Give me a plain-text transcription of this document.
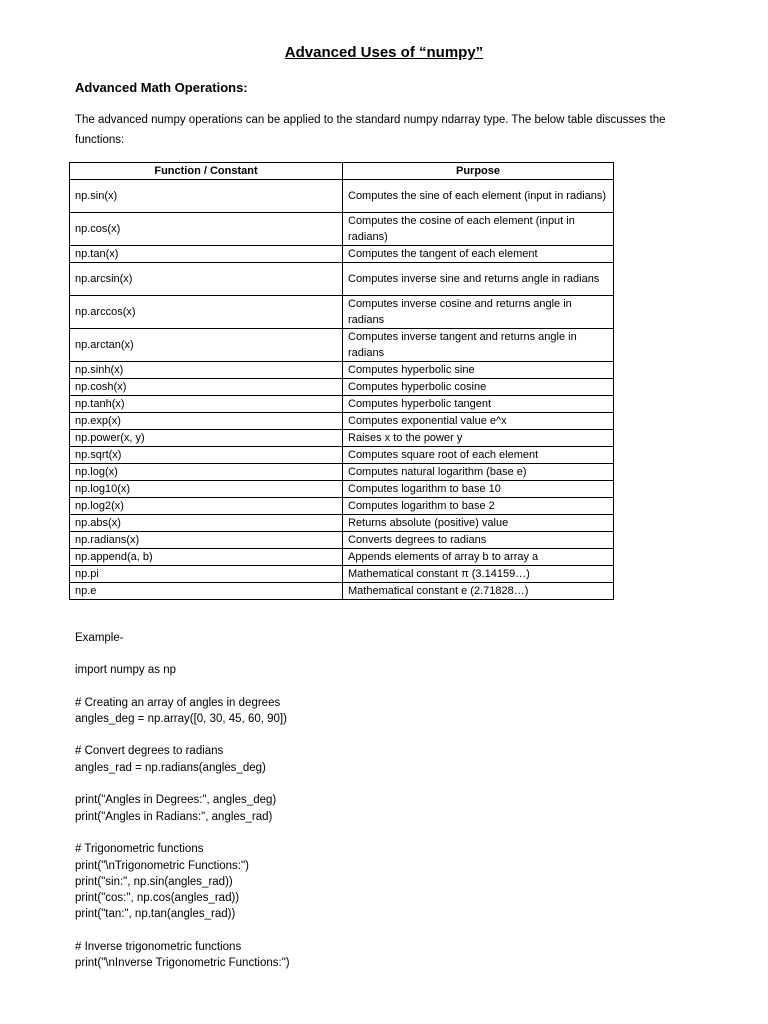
Advanced Uses of “numpy”
Advanced Math Operations:
The advanced numpy operations can be applied to the standard numpy ndarray type. The below table discusses the functions:
Function / Constant	Purpose
np.sin(x)	Computes the sine of each element (input in radians)
np.cos(x)	Computes the cosine of each element (input in radians)
np.tan(x)	Computes the tangent of each element
np.arcsin(x)	Computes inverse sine and returns angle in radians
np.arccos(x)	Computes inverse cosine and returns angle in radians
np.arctan(x)	Computes inverse tangent and returns angle in radians
np.sinh(x)	Computes hyperbolic sine
np.cosh(x)	Computes hyperbolic cosine
np.tanh(x)	Computes hyperbolic tangent
np.exp(x)	Computes exponential value e^x
np.power(x, y)	Raises x to the power y
np.sqrt(x)	Computes square root of each element
np.log(x)	Computes natural logarithm (base e)
np.log10(x)	Computes logarithm to base 10
np.log2(x)	Computes logarithm to base 2
np.abs(x)	Returns absolute (positive) value
np.radians(x)	Converts degrees to radians
np.append(a, b)	Appends elements of array b to array a
np.pi	Mathematical constant π (3.14159…)
np.e	Mathematical constant e (2.71828…)
Example-
import numpy as np
# Creating an array of angles in degrees
angles_deg = np.array([0, 30, 45, 60, 90])
# Convert degrees to radians
angles_rad = np.radians(angles_deg)
print("Angles in Degrees:", angles_deg)
print("Angles in Radians:", angles_rad)
# Trigonometric functions
print("\nTrigonometric Functions:")
print("sin:", np.sin(angles_rad))
print("cos:", np.cos(angles_rad))
print("tan:", np.tan(angles_rad))
# Inverse trigonometric functions
print("\nInverse Trigonometric Functions:")
